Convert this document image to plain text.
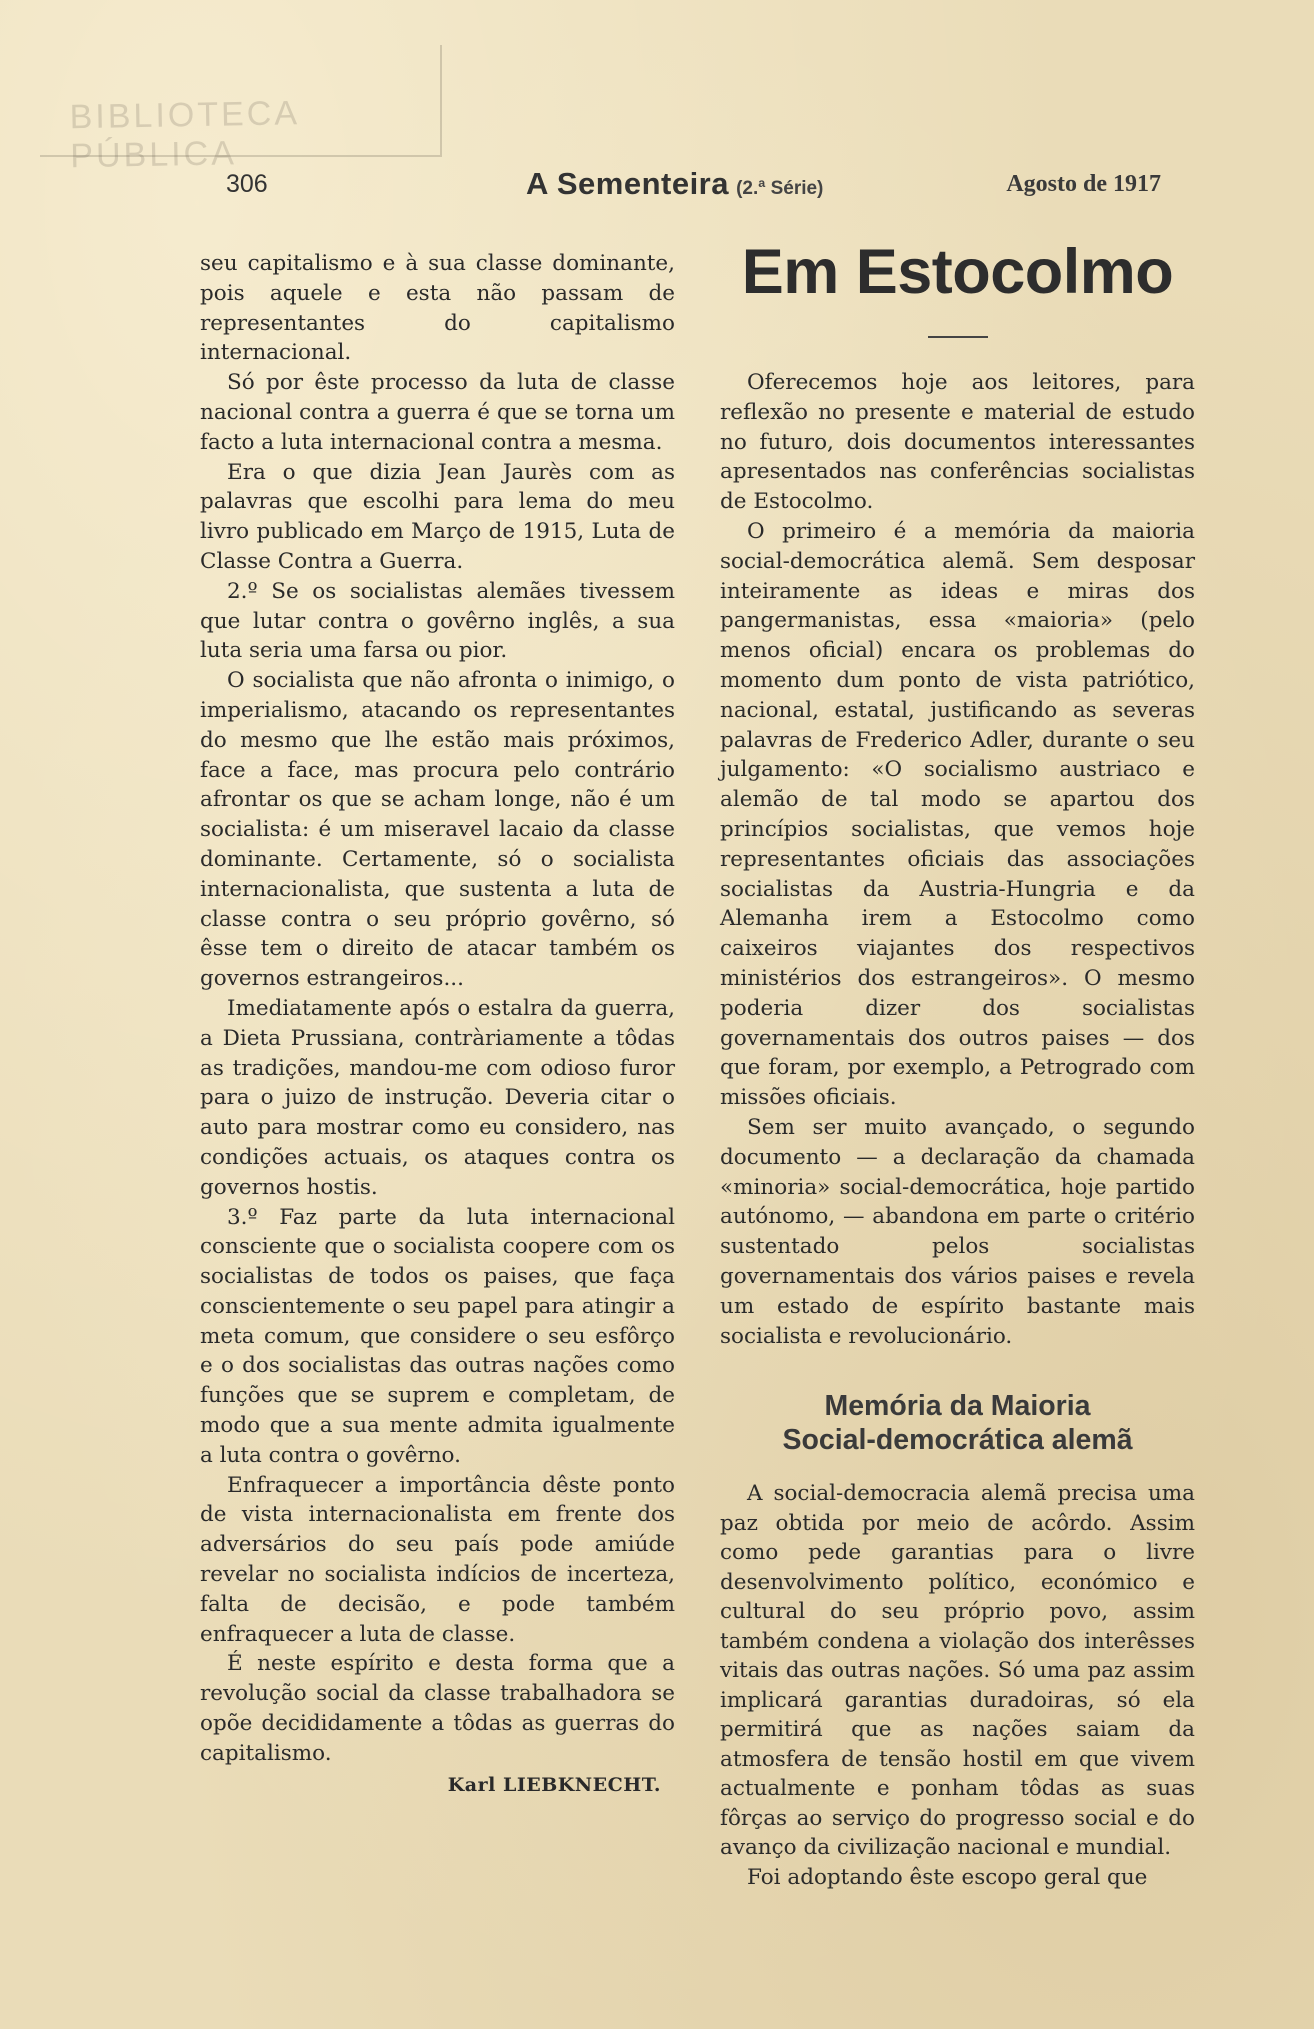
BIBLIOTECA PÚBLICA
306	A Sementeira (2.ª Série)	Agosto de 1917

seu capitalismo e à sua classe dominante, pois aquele e esta não passam de representantes do capitalismo internacional.

Só por êste processo da luta de classe nacional contra a guerra é que se torna um facto a luta internacional contra a mesma.

Era o que dizia Jean Jaurès com as palavras que escolhi para lema do meu livro publicado em Março de 1915, Luta de Classe Contra a Guerra.

2.º Se os socialistas alemães tivessem que lutar contra o govêrno inglês, a sua luta seria uma farsa ou pior.

O socialista que não afronta o inimigo, o imperialismo, atacando os representantes do mesmo que lhe estão mais próximos, face a face, mas procura pelo contrário afrontar os que se acham longe, não é um socialista: é um miseravel lacaio da classe dominante. Certamente, só o socialista internacionalista, que sustenta a luta de classe contra o seu próprio govêrno, só êsse tem o direito de atacar também os governos estrangeiros...

Imediatamente após o estalra da guerra, a Dieta Prussiana, contràriamente a tôdas as tradições, mandou-me com odioso furor para o juizo de instrução. Deveria citar o auto para mostrar como eu considero, nas condições actuais, os ataques contra os governos hostis.

3.º Faz parte da luta internacional consciente que o socialista coopere com os socialistas de todos os paises, que faça conscientemente o seu papel para atingir a meta comum, que considere o seu esfôrço e o dos socialistas das outras nações como funções que se suprem e completam, de modo que a sua mente admita igualmente a luta contra o govêrno.

Enfraquecer a importância dêste ponto de vista internacionalista em frente dos adversários do seu país pode amiúde revelar no socialista indícios de incerteza, falta de decisão, e pode também enfraquecer a luta de classe.

É neste espírito e desta forma que a revolução social da classe trabalhadora se opõe decididamente a tôdas as guerras do capitalismo.

Karl LIEBKNECHT.

Em Estocolmo

Oferecemos hoje aos leitores, para reflexão no presente e material de estudo no futuro, dois documentos interessantes apresentados nas conferências socialistas de Estocolmo.

O primeiro é a memória da maioria social-democrática alemã. Sem desposar inteiramente as ideas e miras dos pangermanistas, essa «maioria» (pelo menos oficial) encara os problemas do momento dum ponto de vista patriótico, nacional, estatal, justificando as severas palavras de Frederico Adler, durante o seu julgamento: «O socialismo austriaco e alemão de tal modo se apartou dos princípios socialistas, que vemos hoje representantes oficiais das associações socialistas da Austria-Hungria e da Alemanha irem a Estocolmo como caixeiros viajantes dos respectivos ministérios dos estrangeiros». O mesmo poderia dizer dos socialistas governamentais dos outros paises — dos que foram, por exemplo, a Petrogrado com missões oficiais.

Sem ser muito avançado, o segundo documento — a declaração da chamada «minoria» social-democrática, hoje partido autónomo, — abandona em parte o critério sustentado pelos socialistas governamentais dos vários paises e revela um estado de espírito bastante mais socialista e revolucionário.

Memória da Maioria
Social-democrática alemã

A social-democracia alemã precisa uma paz obtida por meio de acôrdo. Assim como pede garantias para o livre desenvolvimento político, económico e cultural do seu próprio povo, assim também condena a violação dos interêsses vitais das outras nações. Só uma paz assim implicará garantias duradoiras, só ela permitirá que as nações saiam da atmosfera de tensão hostil em que vivem actualmente e ponham tôdas as suas fôrças ao serviço do progresso social e do avanço da civilização nacional e mundial.

Foi adoptando êste escopo geral que
